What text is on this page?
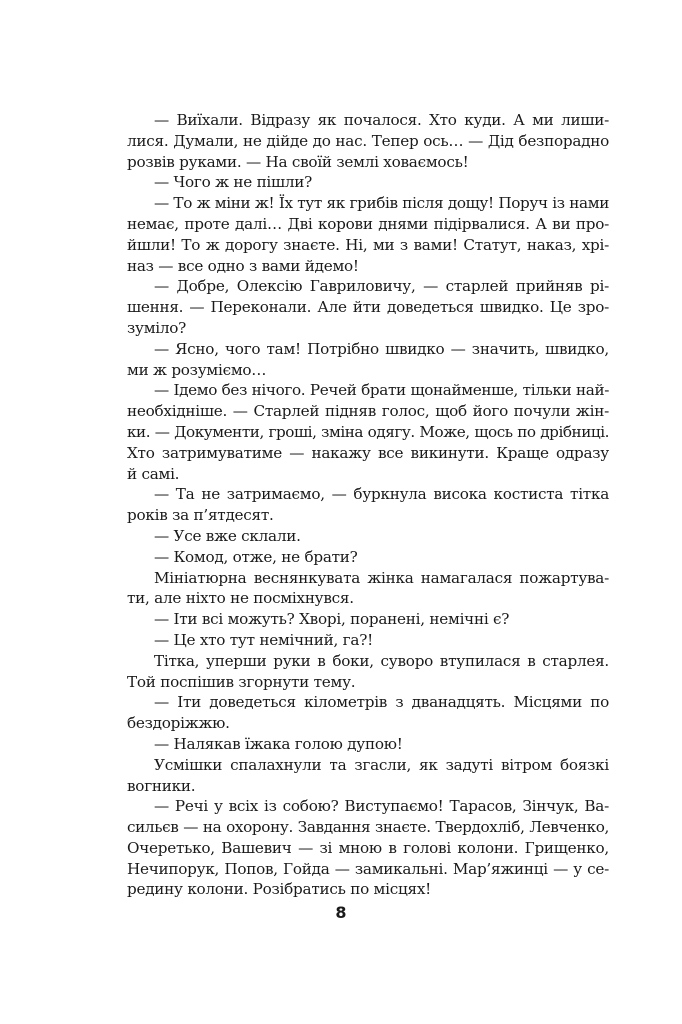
— Виїхали. Відразу як почалося. Хто куди. А ми лиши-
лися. Думали, не дійде до нас. Тепер ось… — Дід безпорадно
розвів руками. — На своїй землі ховаємось!
— Чого ж не пішли?
— То ж міни ж! Їх тут як грибів після дощу! Поруч із нами
немає, проте далі… Дві корови днями підірвалися. А ви про-
йшли! То ж дорогу знаєте. Ні, ми з вами! Статут, наказ, хрі-
наз — все одно з вами йдемо!
— Добре, Олексію Гавриловичу, — старлей прийняв рі-
шення. — Переконали. Але йти доведеться швидко. Це зро-
зуміло?
— Ясно, чого там! Потрібно швидко — значить, швидко,
ми ж розуміємо…
— Ідемо без нічого. Речей брати щонайменше, тільки най-
необхідніше. — Старлей підняв голос, щоб його почули жін-
ки. — Документи, гроші, зміна одягу. Може, щось по дрібниці.
Хто затримуватиме — накажу все викинути. Краще одразу
й самі.
— Та не затримаємо, — буркнула висока костиста тітка
років за п’ятдесят.
— Усе вже склали.
— Комод, отже, не брати?
Мініатюрна веснянкувата жінка намагалася пожартува-
ти, але ніхто не посміхнувся.
— Іти всі можуть? Хворі, поранені, немічні є?
— Це хто тут немічний, га?!
Тітка, уперши руки в боки, суворо втупилася в старлея.
Той поспішив згорнути тему.
— Іти доведеться кілометрів з дванадцять. Місцями по
бездоріжжю.
— Налякав їжака голою дупою!
Усмішки спалахнули та згасли, як задуті вітром боязкі
вогники.
— Речі у всіх із собою? Виступаємо! Тарасов, Зінчук, Ва-
сильєв — на охорону. Завдання знаєте. Твердохліб, Левченко,
Очеретько, Вашевич — зі мною в голові колони. Грищенко,
Нечипорук, Попов, Гойда — замикальні. Мар’яжинці — у се-
редину колони. Розібратись по місцях!
8
